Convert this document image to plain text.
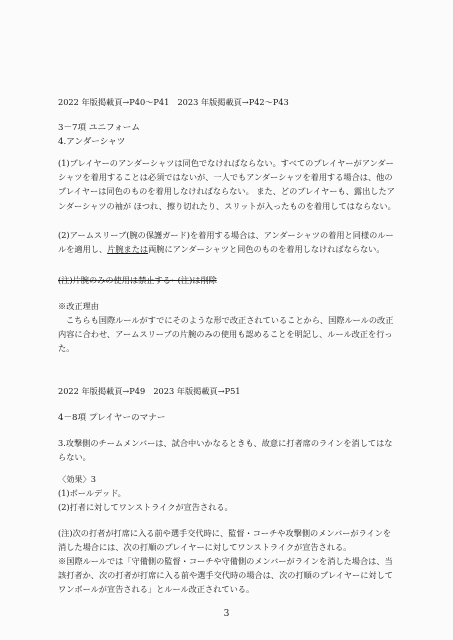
2022 年版掲載頁→P40～P41　2023 年版掲載頁→P42～P43

3－7項 ユニフォーム

4.アンダーシャツ

(1)プレイヤーのアンダーシャツは同色でなければならない。すべてのプレイヤーがアンダーシャツを着用することは必須ではないが、一人でもアンダーシャツを着用する場合は、他のプレイヤーは同色のものを着用しなければならない。 また、どのプレイヤーも、露出したアンダーシャツの袖が ほつれ、擦り切れたり、スリットが入ったものを着用してはならない。

(2)アームスリーブ(腕の保護ガード)を着用する場合は、アンダーシャツの着用と同様のルールを適用し、片腕または両腕にアンダーシャツと同色のものを着用しなければならない。

(注)片腕のみの使用は禁止する←(注)は削除

※改正理由

こちらも国際ルールがすでにそのような形で改正されていることから、国際ルールの改正内容に合わせ、アームスリーブの片腕のみの使用も認めることを明記し、ルール改正を行った。

2022 年版掲載頁→P49　2023 年版掲載頁→P51

4－8項 プレイヤーのマナー

3.攻撃側のチームメンバーは、試合中いかなるときも、故意に打者席のラインを消してはならない。

〈効果〉3

(1)ボールデッド。

(2)打者に対してワンストライクが宣告される。

(注)次の打者が打席に入る前や選手交代時に、監督・コーチや攻撃側のメンバーがラインを消した場合には、次の打順のプレイヤーに対してワンストライクが宣告される。

※国際ルールでは「守備側の監督・コーチや守備側のメンバーがラインを消した場合は、当該打者か、次の打者が打席に入る前や選手交代時の場合は、次の打順のプレイヤーに対してワンボールが宣告される」とルール改正されている。

3
